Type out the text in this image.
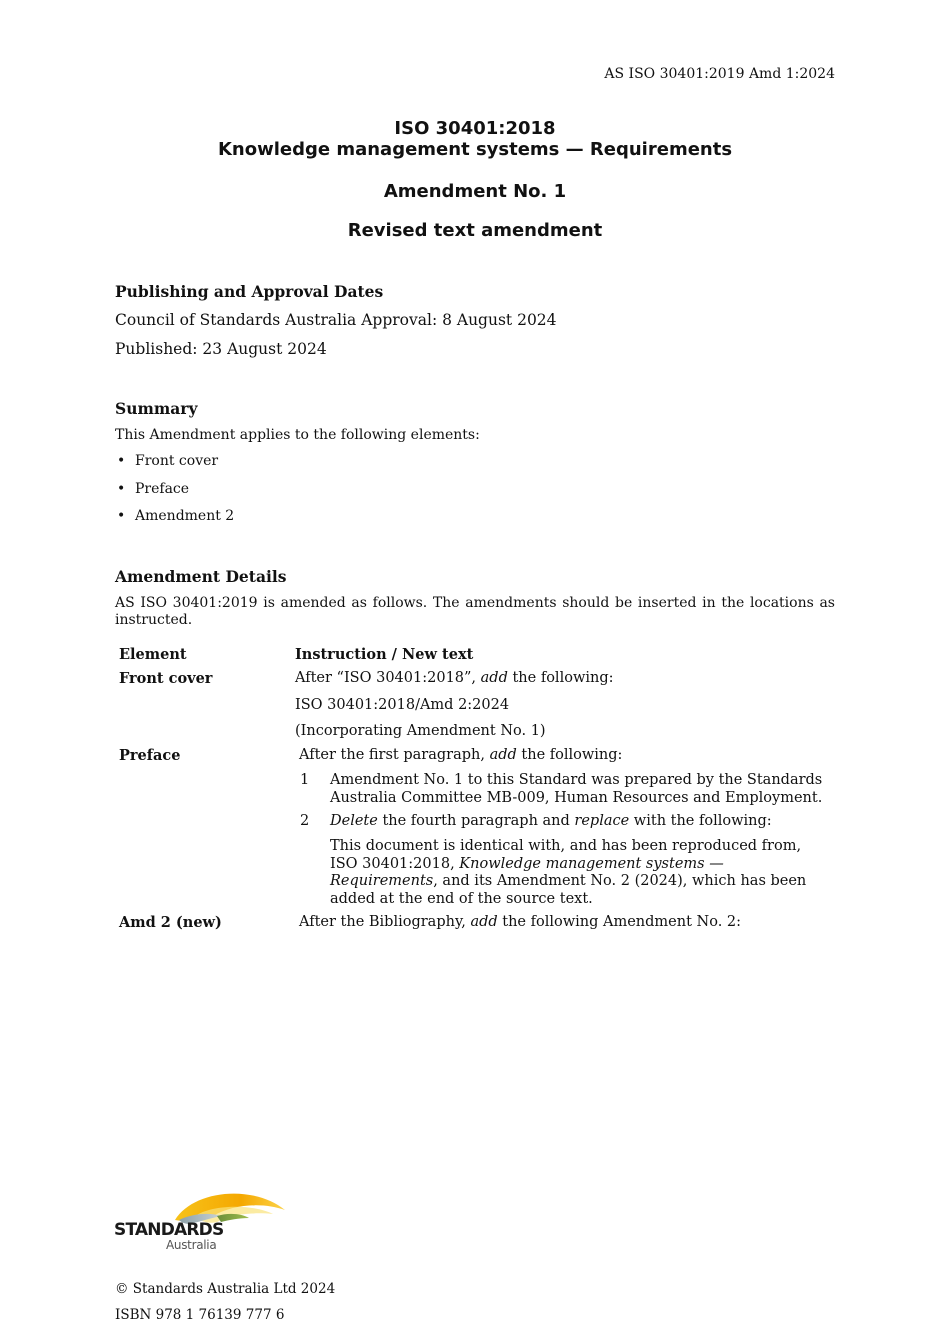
AS ISO 30401:2019 Amd 1:2024
ISO 30401:2018
Knowledge management systems — Requirements
Amendment No. 1
Revised text amendment
Publishing and Approval Dates
Council of Standards Australia Approval: 8 August 2024
Published: 23 August 2024
Summary
This Amendment applies to the following elements:
• Front cover
• Preface
• Amendment 2
Amendment Details
AS ISO 30401:2019 is amended as follows. The amendments should be inserted in the locations as instructed.
Element	Instruction / New text
Front cover	After “ISO 30401:2018”, add the following:
ISO 30401:2018/Amd 2:2024
(Incorporating Amendment No. 1)
Preface	After the first paragraph, add the following:
1 Amendment No. 1 to this Standard was prepared by the Standards Australia Committee MB-009, Human Resources and Employment.
2 Delete the fourth paragraph and replace with the following:
This document is identical with, and has been reproduced from, ISO 30401:2018, Knowledge management systems — Requirements, and its Amendment No. 2 (2024), which has been added at the end of the source text.
Amd 2 (new)	After the Bibliography, add the following Amendment No. 2:
STANDARDS
Australia
© Standards Australia Ltd 2024
ISBN 978 1 76139 777 6
